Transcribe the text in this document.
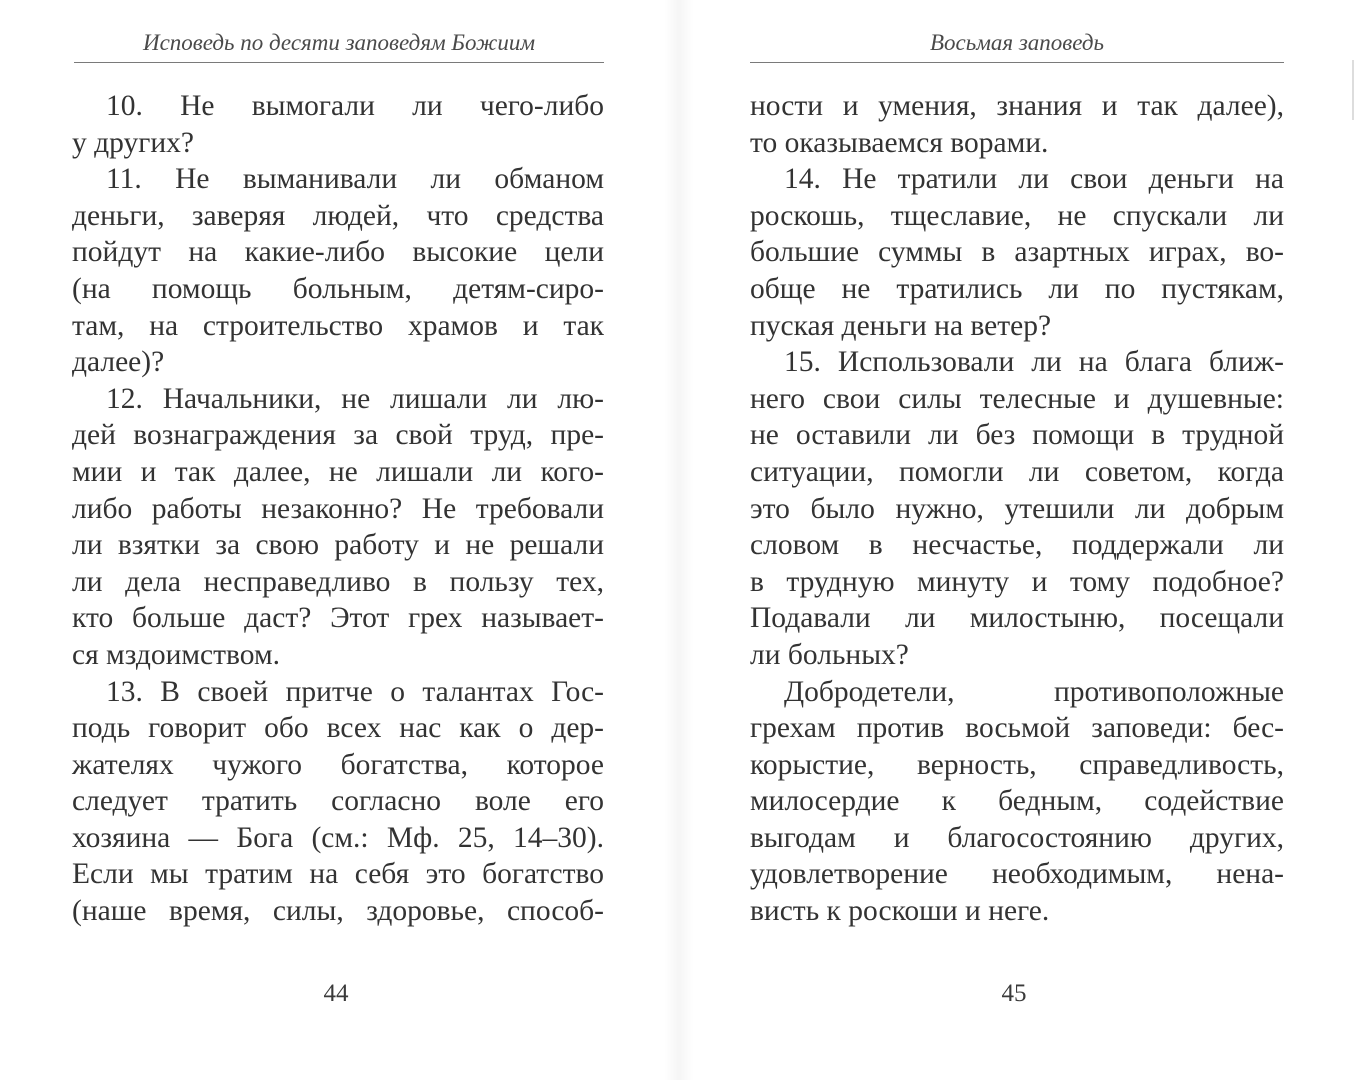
Исповедь по десяти заповедям Божиим
10. Не вымогали ли чего-либо
у других?
11. Не выманивали ли обманом
деньги, заверяя людей, что средства
пойдут на какие-либо высокие цели
(на помощь больным, детям-сиро-
там, на строительство храмов и так
далее)?
12. Начальники, не лишали ли лю-
дей вознаграждения за свой труд, пре-
мии и так далее, не лишали ли кого-
либо работы незаконно? Не требовали
ли взятки за свою работу и не решали
ли дела несправедливо в пользу тех,
кто больше даст? Этот грех называет-
ся мздоимством.
13. В своей притче о талантах Гос-
подь говорит обо всех нас как о дер-
жателях чужого богатства, которое
следует тратить согласно воле его
хозяина — Бога (см.: Мф. 25, 14–30).
Если мы тратим на себя это богатство
(наше время, силы, здоровье, способ-
44
Восьмая заповедь
ности и умения, знания и так далее),
то оказываемся ворами.
14. Не тратили ли свои деньги на
роскошь, тщеславие, не спускали ли
большие суммы в азартных играх, во-
обще не тратились ли по пустякам,
пуская деньги на ветер?
15. Использовали ли на блага ближ-
него свои силы телесные и душевные:
не оставили ли без помощи в трудной
ситуации, помогли ли советом, когда
это было нужно, утешили ли добрым
словом в несчастье, поддержали ли
в трудную минуту и тому подобное?
Подавали ли милостыню, посещали
ли больных?
Добродетели, противоположные
грехам против восьмой заповеди: бес-
корыстие, верность, справедливость,
милосердие к бедным, содействие
выгодам и благосостоянию других,
удовлетворение необходимым, нена-
висть к роскоши и неге.
45
